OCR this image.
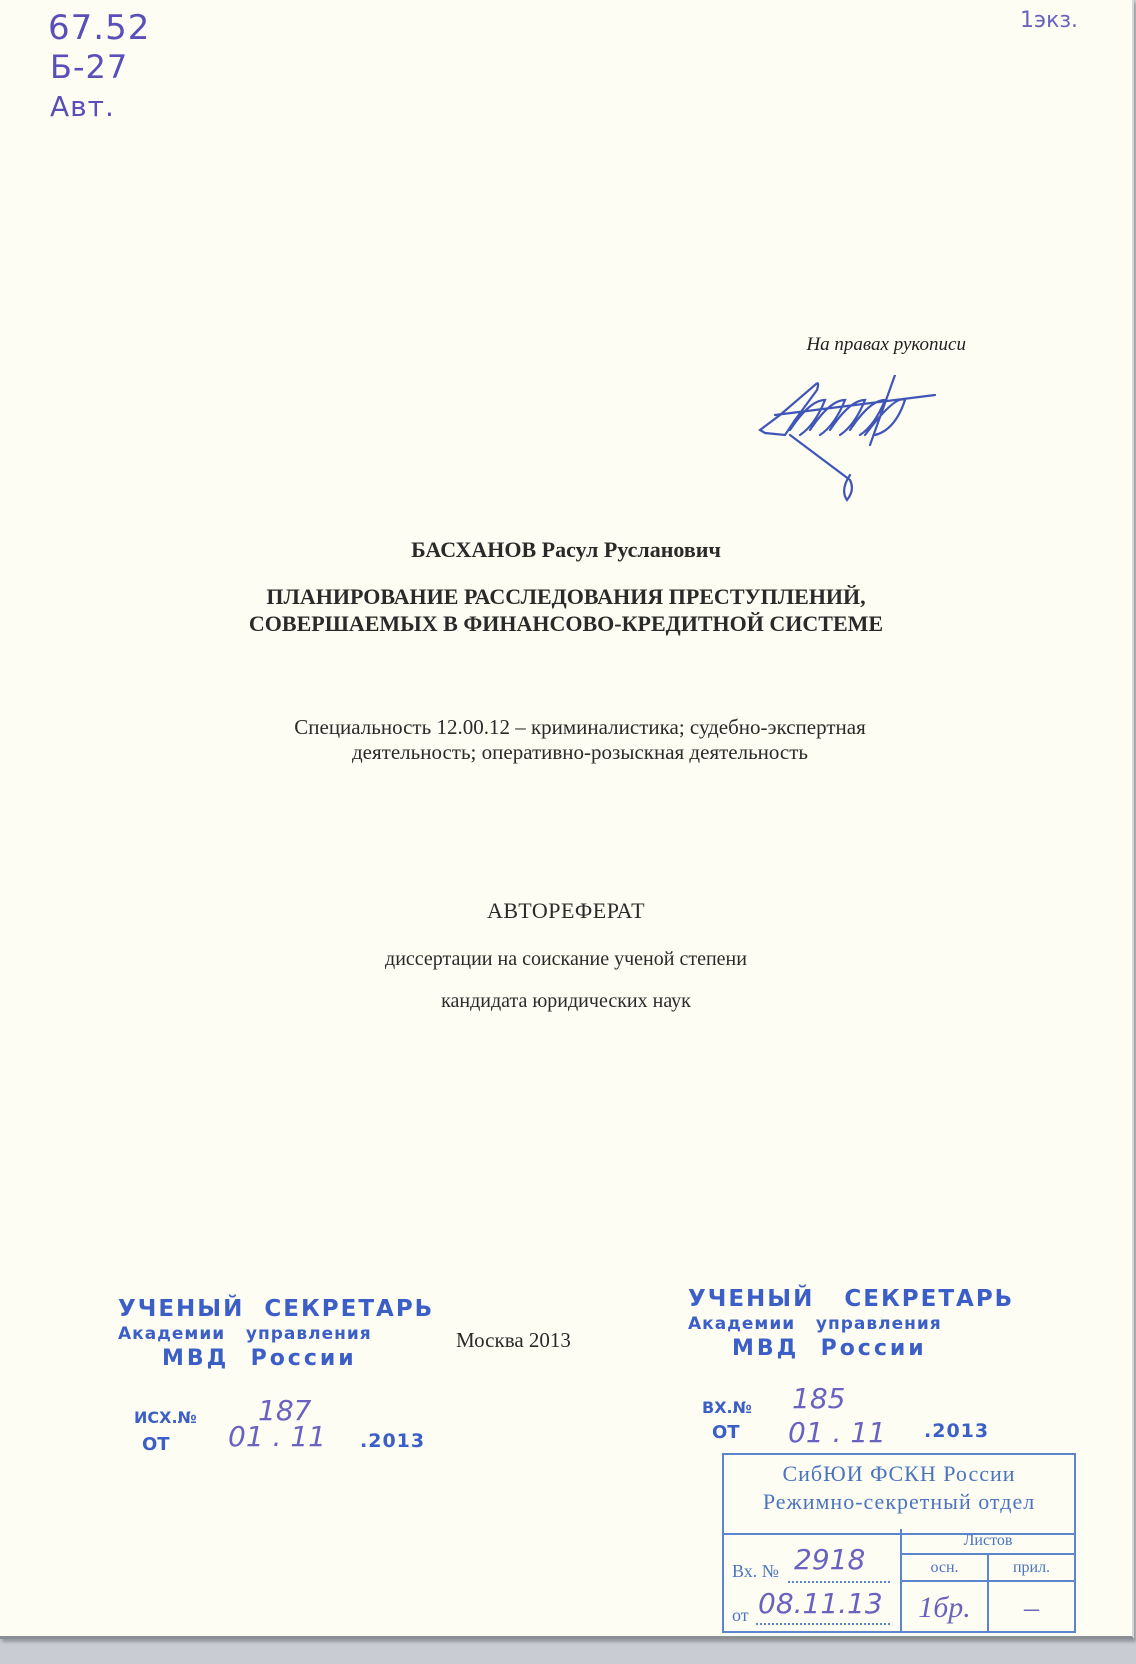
67.52
Б-27
Авт.
1экз.
На правах рукописи
БАСХАНОВ Расул Русланович
ПЛАНИРОВАНИЕ РАССЛЕДОВАНИЯ ПРЕСТУПЛЕНИЙ,
СОВЕРШАЕМЫХ В ФИНАНСОВО-КРЕДИТНОЙ СИСТЕМЕ
Специальность 12.00.12 – криминалистика; судебно-экспертная
деятельность; оперативно-розыскная деятельность
АВТОРЕФЕРАТ
диссертации на соискание ученой степени
кандидата юридических наук
Москва 2013
УЧЕНЫЙ  СЕКРЕТАРЬ
Академии   управления
МВД  России
ИСХ.№ 187
ОТ 01 . 11 .2013
УЧЕНЫЙ   СЕКРЕТАРЬ
Академии   управления
МВД  России
ВХ.№ 185
ОТ 01 . 11 .2013
СибЮИ ФСКН России
Режимно-секретный отдел
Вх. № 2918
от 08.11.13
Листов
осн.	прил.
1бр.	–
